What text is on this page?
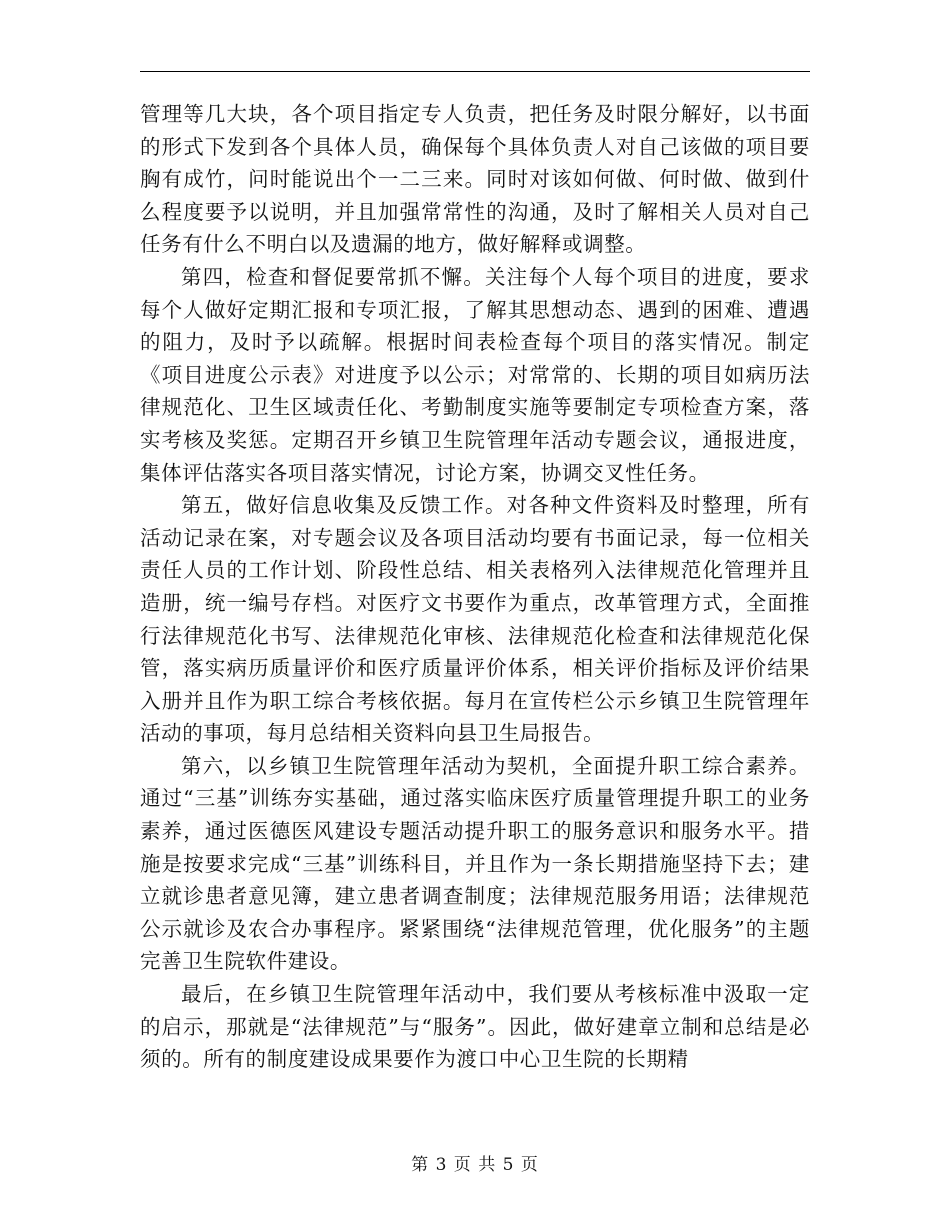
管理等几大块，各个项目指定专人负责，把任务及时限分解好，以书面的形式下发到各个具体人员，确保每个具体负责人对自己该做的项目要胸有成竹，问时能说出个一二三来。同时对该如何做、何时做、做到什么程度要予以说明，并且加强常常性的沟通，及时了解相关人员对自己任务有什么不明白以及遗漏的地方，做好解释或调整。

第四，检查和督促要常抓不懈。关注每个人每个项目的进度，要求每个人做好定期汇报和专项汇报，了解其思想动态、遇到的困难、遭遇的阻力，及时予以疏解。根据时间表检查每个项目的落实情况。制定《项目进度公示表》对进度予以公示；对常常的、长期的项目如病历法律规范化、卫生区域责任化、考勤制度实施等要制定专项检查方案，落实考核及奖惩。定期召开乡镇卫生院管理年活动专题会议，通报进度，集体评估落实各项目落实情况，讨论方案，协调交叉性任务。

第五，做好信息收集及反馈工作。对各种文件资料及时整理，所有活动记录在案，对专题会议及各项目活动均要有书面记录，每一位相关责任人员的工作计划、阶段性总结、相关表格列入法律规范化管理并且造册，统一编号存档。对医疗文书要作为重点，改革管理方式，全面推行法律规范化书写、法律规范化审核、法律规范化检查和法律规范化保管，落实病历质量评价和医疗质量评价体系，相关评价指标及评价结果入册并且作为职工综合考核依据。每月在宣传栏公示乡镇卫生院管理年活动的事项，每月总结相关资料向县卫生局报告。

第六，以乡镇卫生院管理年活动为契机，全面提升职工综合素养。通过“三基”训练夯实基础，通过落实临床医疗质量管理提升职工的业务素养，通过医德医风建设专题活动提升职工的服务意识和服务水平。措施是按要求完成“三基”训练科目，并且作为一条长期措施坚持下去；建立就诊患者意见簿，建立患者调查制度；法律规范服务用语；法律规范公示就诊及农合办事程序。紧紧围绕“法律规范管理，优化服务”的主题完善卫生院软件建设。

最后，在乡镇卫生院管理年活动中，我们要从考核标准中汲取一定的启示，那就是“法律规范”与“服务”。因此，做好建章立制和总结是必须的。所有的制度建设成果要作为渡口中心卫生院的长期精

第 3 页 共 5 页
